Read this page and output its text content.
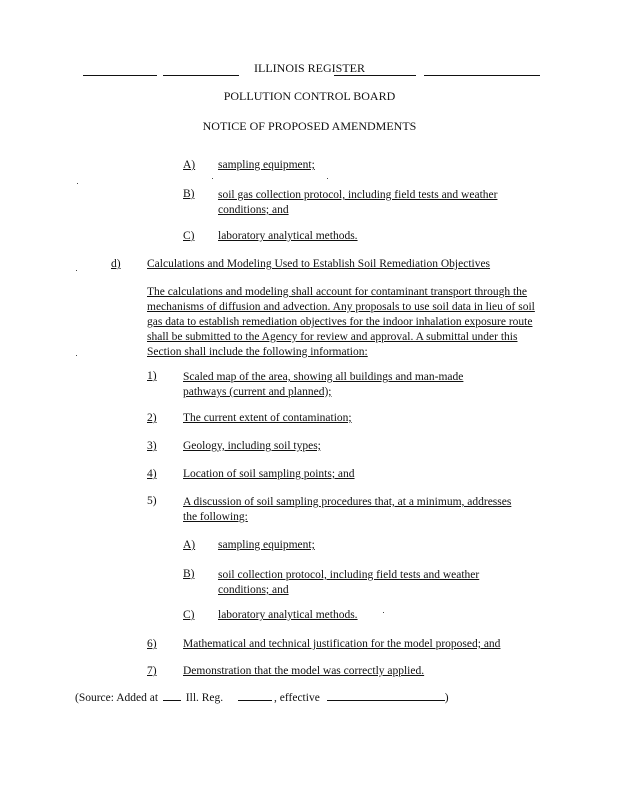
ILLINOIS REGISTER
POLLUTION CONTROL BOARD
NOTICE OF PROPOSED AMENDMENTS
A) sampling equipment;
B) soil gas collection protocol, including field tests and weather conditions; and
C) laboratory analytical methods.
d) Calculations and Modeling Used to Establish Soil Remediation Objectives
The calculations and modeling shall account for contaminant transport through the mechanisms of diffusion and advection. Any proposals to use soil data in lieu of soil gas data to establish remediation objectives for the indoor inhalation exposure route shall be submitted to the Agency for review and approval. A submittal under this Section shall include the following information:
1) Scaled map of the area, showing all buildings and man-made pathways (current and planned);
2) The current extent of contamination;
3) Geology, including soil types;
4) Location of soil sampling points; and
5) A discussion of soil sampling procedures that, at a minimum, addresses the following:
A) sampling equipment;
B) soil collection protocol, including field tests and weather conditions; and
C) laboratory analytical methods.
6) Mathematical and technical justification for the model proposed; and
7) Demonstration that the model was correctly applied.
(Source: Added at Ill. Reg.	, effective	)
